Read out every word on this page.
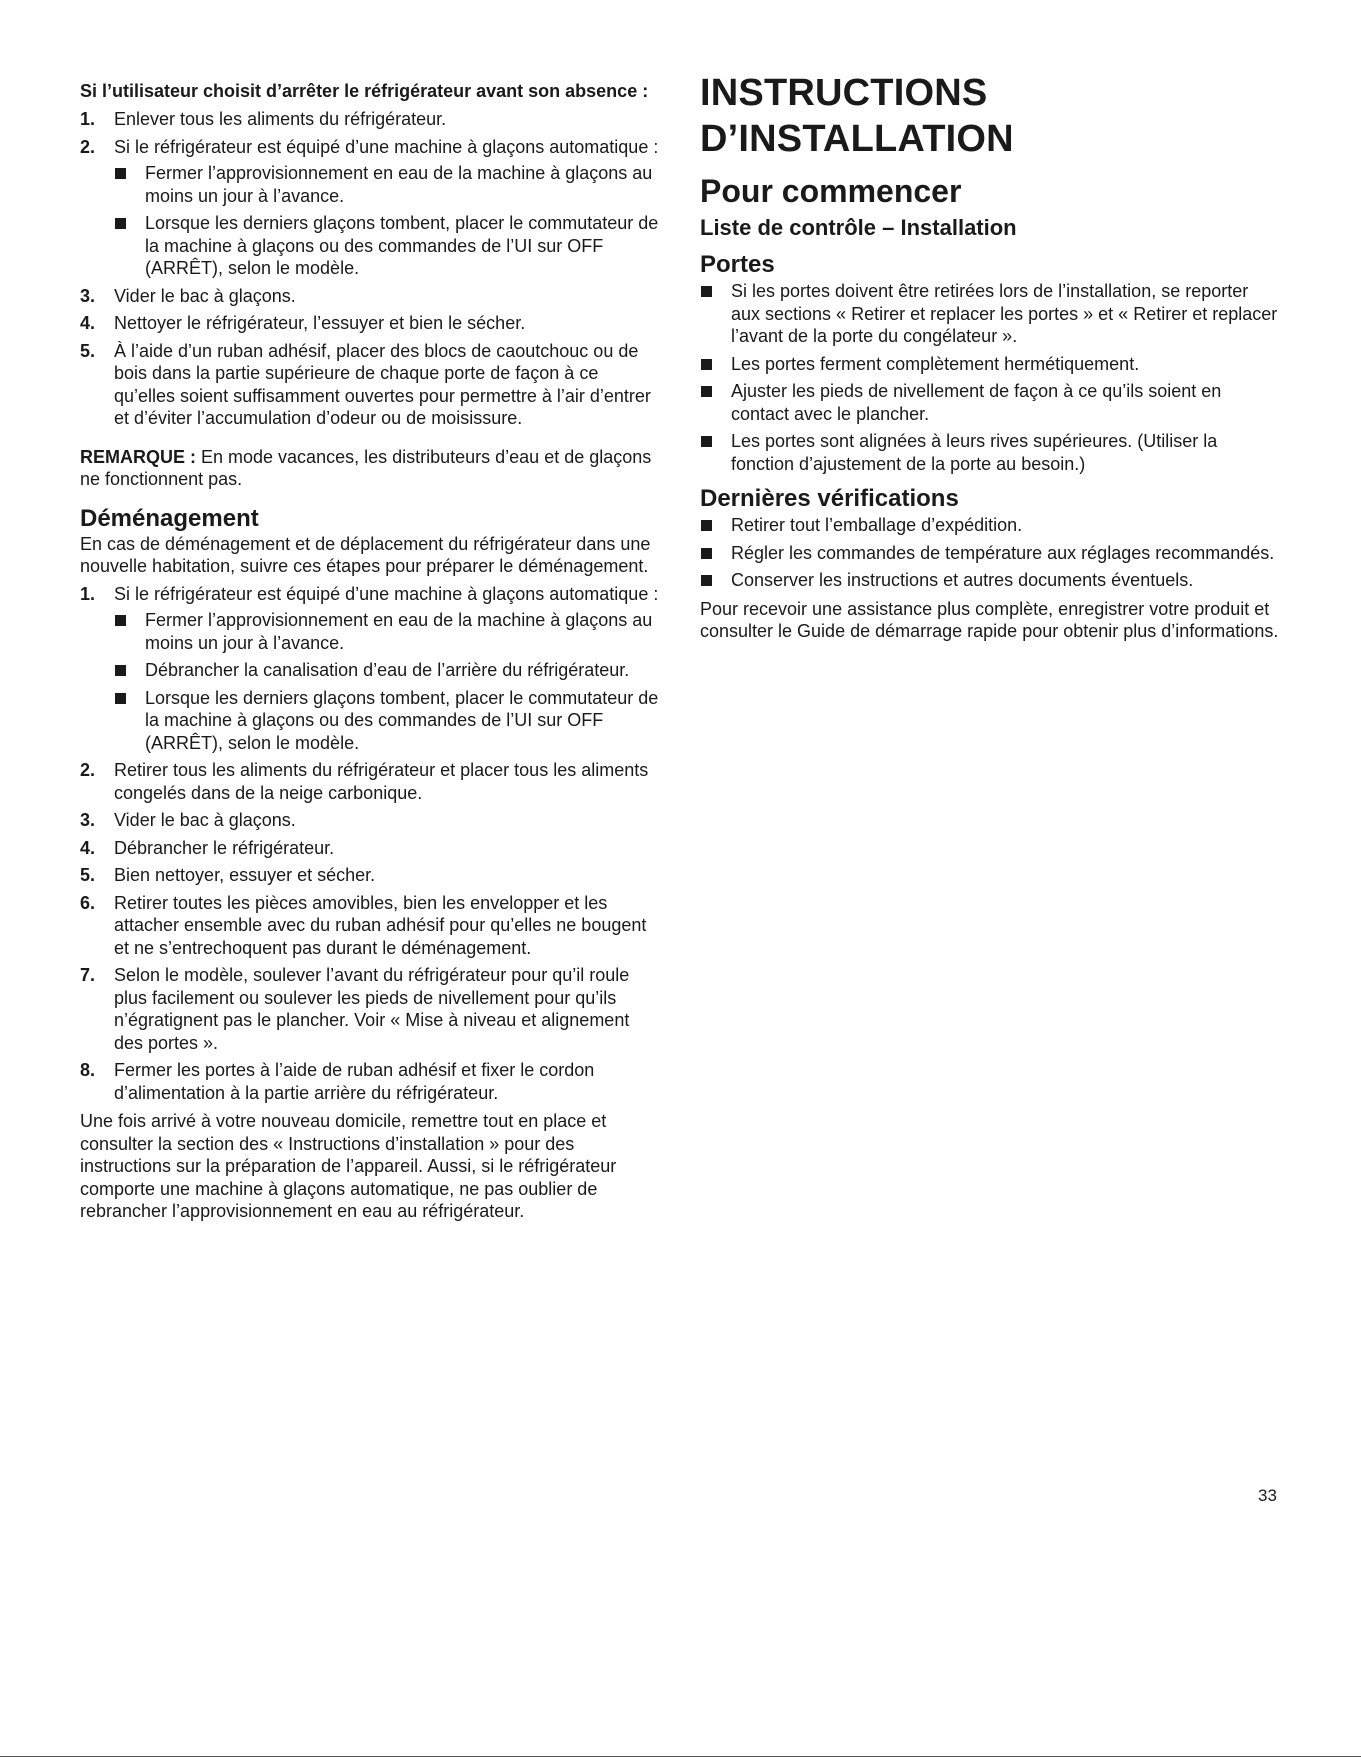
Si l’utilisateur choisit d’arrêter le réfrigérateur avant son absence :

1. Enlever tous les aliments du réfrigérateur.
2. Si le réfrigérateur est équipé d’une machine à glaçons automatique :
Fermer l’approvisionnement en eau de la machine à glaçons au moins un jour à l’avance.
Lorsque les derniers glaçons tombent, placer le commutateur de la machine à glaçons ou des commandes de l’UI sur OFF (ARRÊT), selon le modèle.
3. Vider le bac à glaçons.
4. Nettoyer le réfrigérateur, l’essuyer et bien le sécher.
5. À l’aide d’un ruban adhésif, placer des blocs de caoutchouc ou de bois dans la partie supérieure de chaque porte de façon à ce qu’elles soient suffisamment ouvertes pour permettre à l’air d’entrer et d’éviter l’accumulation d’odeur ou de moisissure.

REMARQUE : En mode vacances, les distributeurs d’eau et de glaçons ne fonctionnent pas.

Déménagement

En cas de déménagement et de déplacement du réfrigérateur dans une nouvelle habitation, suivre ces étapes pour préparer le déménagement.

1. Si le réfrigérateur est équipé d’une machine à glaçons automatique :
Fermer l’approvisionnement en eau de la machine à glaçons au moins un jour à l’avance.
Débrancher la canalisation d’eau de l’arrière du réfrigérateur.
Lorsque les derniers glaçons tombent, placer le commutateur de la machine à glaçons ou des commandes de l’UI sur OFF (ARRÊT), selon le modèle.
2. Retirer tous les aliments du réfrigérateur et placer tous les aliments congelés dans de la neige carbonique.
3. Vider le bac à glaçons.
4. Débrancher le réfrigérateur.
5. Bien nettoyer, essuyer et sécher.
6. Retirer toutes les pièces amovibles, bien les envelopper et les attacher ensemble avec du ruban adhésif pour qu’elles ne bougent et ne s’entrechoquent pas durant le déménagement.
7. Selon le modèle, soulever l’avant du réfrigérateur pour qu’il roule plus facilement ou soulever les pieds de nivellement pour qu’ils n’égratignent pas le plancher. Voir « Mise à niveau et alignement des portes ».
8. Fermer les portes à l’aide de ruban adhésif et fixer le cordon d’alimentation à la partie arrière du réfrigérateur.

Une fois arrivé à votre nouveau domicile, remettre tout en place et consulter la section des « Instructions d’installation » pour des instructions sur la préparation de l’appareil. Aussi, si le réfrigérateur comporte une machine à glaçons automatique, ne pas oublier de rebrancher l’approvisionnement en eau au réfrigérateur.

INSTRUCTIONS D’INSTALLATION
Pour commencer
Liste de contrôle – Installation
Portes
Si les portes doivent être retirées lors de l’installation, se reporter aux sections « Retirer et replacer les portes » et « Retirer et replacer l’avant de la porte du congélateur ».
Les portes ferment complètement hermétiquement.
Ajuster les pieds de nivellement de façon à ce qu’ils soient en contact avec le plancher.
Les portes sont alignées à leurs rives supérieures. (Utiliser la fonction d’ajustement de la porte au besoin.)
Dernières vérifications
Retirer tout l’emballage d’expédition.
Régler les commandes de température aux réglages recommandés.
Conserver les instructions et autres documents éventuels.

Pour recevoir une assistance plus complète, enregistrer votre produit et consulter le Guide de démarrage rapide pour obtenir plus d’informations.

33
